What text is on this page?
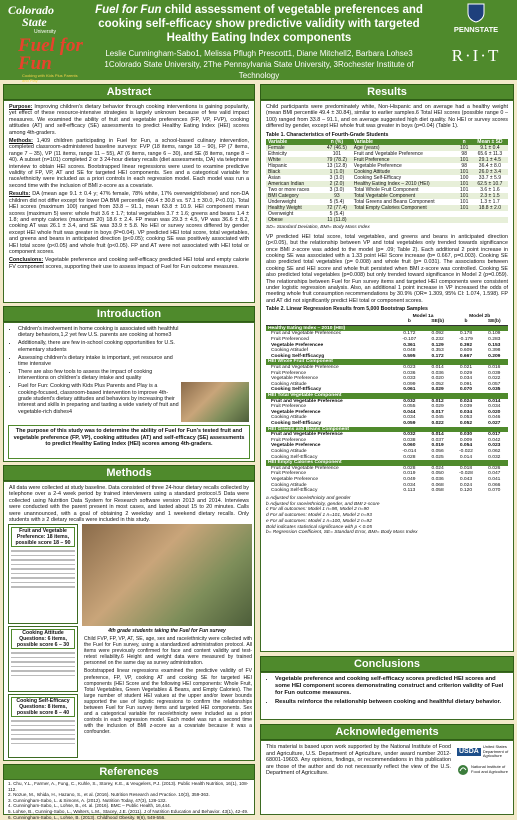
Colorado
State
University
Fuel for Fun
Cooking with Kids Plus Parents and Play
Fuel for Fun child assessment of vegetable preferences and cooking self-efficacy show predictive validity with targeted Healthy Eating Index components
Leslie Cunningham-Sabo1, Melissa Pflugh Prescott1, Diane Mitchell2, Barbara Lohse3
1Colorado State University, 2The Pennsylvania State University, 3Rochester Institute of Technology
PENNSTATE
R·I·T
Abstract

Purpose: Improving children's dietary behavior through cooking interventions is gaining popularity, yet effect of these resource-intensive strategies is largely unknown because of few valid impact measures. We examined the ability of fruit and vegetable preferences (FP, VP, FVP), cooking attitudes (AT) and self-efficacy (SE) assessments to predict Healthy Eating Index (HEI) scores among 4th-graders.

Methods: 1,409 children participating in Fuel for Fun, a school-based culinary intervention, completed classroom-administered baseline surveys: FVP (18 items, range 18 – 90), FP (7 items, range 7 – 35), VP (11 items, range 11 – 55), AT (6 items, range 6 – 30), and SE (8 items, range 8 – 40). A subset (n=101) completed 2 or 3 24-hour dietary recalls (diet assessments, DA) via telephone interview to obtain HEI scores. Bootstrapped linear regressions were used to examine predictive validity of FP, VP, AT and SE for targeted HEI components. Sex and a categorical variable for race/ethnicity were included as a priori controls in each regression model. Each model was run a second time with the inclusion of BMI z-score as a covariate.

Results: DA (mean age 9.1 ± 0.4 y; 47% female, 78% white, 17% overweight/obese) and non-DA children did not differ except for lower DA BMI percentile (49.4 ± 30.8 vs. 57.1 ± 30.0, P<0.01). Total HEI scores (maximum 100) ranged from 33.8 – 91.1, mean 63.8 ± 10.9. HEI component mean scores (maximum 5) were: whole fruit 3.6 ± 1.7; total vegetables 3.7 ± 1.6; greens and beans 1.4 ± 1.8; and empty calories (maximum 20) 18.6 ± 2.4. FP mean was 29.3 ± 4.5, VP was 36.6 ± 8.2, cooking AT was 26.1 ± 3.4, and SE was 33.9 ± 5.8. No HEI or survey scores differed by gender except HEI whole fruit was greater in boys (P=0.04). VP predicted HEI total score, total vegetables, and greens and beans in anticipated direction (p<0.05); cooking SE was positively associated with HEI total score (p<0.05) and whole fruit (p<0.05). FP and AT were not associated with HEI total or component scores.

Conclusions: Vegetable preference and cooking self-efficacy predicted HEI total and empty calorie FV component scores, supporting their use to assess impact of Fuel for Fun outcome measures.

Introduction
• Children's involvement in home cooking is associated with healthful dietary behaviors,1,2 yet few U.S. parents are cooking at home3
• Additionally, there are few in-school cooking opportunities for U.S. elementary students
• Assessing children's dietary intake is important, yet resource and time intensive
• There are also few tools to assess the impact of cooking interventions on children's dietary intake and quality
• Fuel for Fun: Cooking with Kids Plus Parents and Play is a cooking-focused, classroom-based intervention to improve 4th-grade student's dietary attitudes and behaviors by increasing their interest and skills in preparing and tasting a wide variety of fruit and vegetable-rich dishes4
The purpose of this study was to determine the ability of Fuel for Fun's tested fruit and vegetable preference (FP, VP), cooking attitudes (AT) and self-efficacy (SE) assessments to predict Healthy Eating Index (HEI) scores among 4th-graders.
Methods

All data were collected at study baseline. Data consisted of three 24-hour dietary recalls collected by telephone over a 2-4 week period by trained interviewers using a standard protocol.5 Data were collected using Nutrition Data System for Research software version 2013 and 2014. Interviews were conducted with the parent present in most cases, and lasted about 15 to 20 minutes. Calls were unannounced, with a goal of obtaining 2 weekday and 1 weekend dietary recalls. Only students with ≥ 2 dietary recalls were included in this study.

Fruit and Vegetable Preference: 18 items, possible score 18 – 90
Cooking Attitude Questions: 6 items, possible score 6 – 30
Cooking Self-Efficacy Questions: 8 items, possible score 8 – 40
4th grade students taking the Fuel for Fun survey

Child FVP, FP, VP, AT, SE, age, sex and race/ethnicity were collected with the Fuel for Fun survey, using a standardized administration protocol. All items were previously confirmed for face and content validity and test-retest reliability.6 Height and weight data were measured by trained personnel on the same day as survey administration.

Bootstrapped linear regressions examined the predictive validity of FV preference, FP, VP, cooking AT and cooking SE for targeted HEI components (HEI Score and the following HEI components: Whole Fruit, Total Vegetables, Green Vegetables & Beans, and Empty Calories). The large number of student HEI values at the upper and/or lower bounds supported the use of logistic regressions to confirm the relationships between Fuel for Fun survey items and targeted HEI components. Sex and a categorical variable for race/ethnicity were included as a priori controls in each regression model. Each model was run a second time with the inclusion of BMI z-score as a covariate because it was a confounder.

References
1. Chu, Y.L., Farmer, A., Fung, C., Kuhle, S., Storey, K.E., & Veugelers, P.J. (2013). Public Health Nutrition, 16(1), 108-112.
2. Nozue, M., Ishida, H., Hazano, S., et al. (2016). Nutrition Research and Practice. 10(3), 359-363.
3. Cunningham-Sabo, L. & Simons, A. (2012). Nutrition Today, 47(3), 128-132.
4. Cunningham-Sabo, L., Lohse, B., et. al. (2016). BMC – Public Health, 16,444.
5. Lohse, B., Cunning-Sabo, L., Walters, L.M., Stacey, J.E. (2011). J of Nutrition Education and Behavior. 43(1), 42-49.
6. Cunningham-Sabo, L., Lohse, B. (2013). Childhood Obesity. 9(6), 549-556.
Results

Child participants were predominately white, Non-Hispanic and on average had a healthy weight (mean BMI percentile 49.4 ± 30.84), similar to earlier samples.6 Total HEI scores (possible range 0 –100) ranged from 33.8 – 91.1, and on average suggested high diet quality. No HEI or survey scores differed by gender, except HEI whole fruit was greater in boys (p=0.04) (Table 1).

Table 1. Characteristics of Fourth-Grade Students
Variable	n (%)	Variable	n	Mean ± SD
Female	47 (46.5)	Age (years)	101	9.1 ± 0.4
Ethnicity	101	Fruit and Vegetable Preference	98	65.6 ± 11.3
White	79 (78.2)	Fruit Preference	101	29.1 ± 4.5
Hispanic	13 (12.8)	Vegetable Preference	98	36.4 ± 8.0
Black	1 (1.0)	Cooking Attitude	101	26.0 ± 3.4
Asian	3 (3.0)	Cooking Self-Efficacy	100	33.7 ± 5.9
American Indian	2 (2.0)	Healthy Eating Index – 2010 (HEI)	101	62.5 ± 10.7
Two or more races	3 (3.0)	Total Whole Fruit Component	101	3.6 ± 1.6
BMI Category	93	Total Vegetable Component	101	2.3 ± 1.5
Underweight	5 (5.4)	Total Greens and Beans Component	101	1.3 ± 1.7
Healthy Weight	72 (77.4)	Total Empty Calories Component	101	18.8 ± 2.0
Overweight	5 (5.4)			
Obese	11 (11.8)			
SD= Standard Deviation, BMI= Body Mass Index

VP predicted HEI total score, total vegetables, and greens and beans in anticipated direction (p<0.05), but the relationship between VP and total vegetables only trended towards significance once BMI z-score was added to the model (p= .09; Table 2). Each additional 2 point increase in cooking SE was associated with a 1.33 point HEI Score increase (b= 0.667, p=0.003). Cooking SE also predicted total vegetables (p= 0.008) and whole fruit (p= 0.031). The associations between cooking SE and HEI score and whole fruit persisted when BMI z-score was controlled. Cooking SE also predicted total vegetables (p=0.008) but only trended toward significance in Model 2 (p=0.059). The relationships between Fuel for Fun survey items and targeted HEI components were consistent under logistic regression analysis. Also, an additional 1 point increase in VP increased the odds of meeting whole fruit consumption recommendations by 30.9% (OR= 1.309, 95% CI: 1.074, 1.598). FP and AT did not significantly predict HEI total or component scores.

Table 2. Linear Regression Results from 5,000 Bootstrap Samples
	Model 1a		Model 2b	
	b	SE(b)	b	SE(b)
Healthy Eating Index – 2010 (HEI)				
Fruit and Vegetable Preferencec	0.172	0.092	0.178	0.109
Fruit Preferenced	-0.107	0.232	-0.179	0.283
Vegetable Preferencee	0.361	0.129	0.392	0.153
Cooking Attitudef	0.048	0.353	0.609	0.398
Cooking Self-Efficacyg	0.595	0.172	0.667	0.209
HEI Whole Fruit Component				
Fruit and Vegetable Preference	0.023	0.014	0.021	0.016
Fruit Preference	0.036	0.036	0.029	0.039
Vegetable Preference	0.033	0.020	0.034	0.022
Cooking Attitude	0.099	0.052	0.091	0.057
Cooking Self-Efficacy	0.061	0.029	0.070	0.035
HEI Total Vegetable Component				
Fruit and Vegetable Preference	0.032	0.012	0.024	0.014
Fruit Preference	0.055	0.029	0.039	0.034
Vegetable Preference	0.044	0.017	0.034	0.020
Cooking Attitude	0.034	0.045	0.053	0.046
Cooking Self-Efficacy	0.059	0.022	0.052	0.027
HEI Greens and Beans Component				
Fruit and Vegetable Preference	0.032	0.014	0.030	0.017
Fruit Preference	0.038	0.037	0.009	0.042
Vegetable Preference	0.060	0.019	0.054	0.023
Cooking Attitude	-0.014	0.056	-0.022	0.062
Cooking Self-Efficacy	0.028	0.025	0.014	0.032
HEI Empty Calories Component				
Fruit and Vegetable Preference	0.028	0.024	0.018	0.026
Fruit Preference	0.019	0.050	-0.028	0.047
Vegetable Preference	0.049	0.036	0.043	0.041
Cooking Attitude	0.034	0.068	0.024	0.066
Cooking Self-Efficacy	0.113	0.058	0.120	0.070
a Adjusted for race/ethnicity and gender
b Adjusted for race/ethnicity, gender, and BMI z-score
c For all outcomes: Model 1 n=98, Model 2 n=90
d For all outcomes: Model 1 n=101, Model 2 n=93
e For all outcomes: Model 1 n=100, Model 2 n=92
Bold indicates statistical significance with p < 0.05
b= Regression Coefficient, SE= Standard Error, BMI= Body Mass Index
Conclusions
• Vegetable preference and cooking self-efficacy scores predicted HEI scores and some HEI component scores demonstrating construct and criterion validity of Fuel for Fun outcome measures.
• Results reinforce the relationship between cooking and healthful dietary behavior.
Acknowledgements
This material is based upon work supported by the National Institute of Food and Agriculture, U.S. Department of Agriculture, under award number 2012-68001-19603. Any opinions, findings, or recommendations in this publication are those of the author and do not necessarily reflect the view of the U.S. Department of Agriculture.
USDA
United States Department of Agriculture
National Institute of Food and Agriculture
